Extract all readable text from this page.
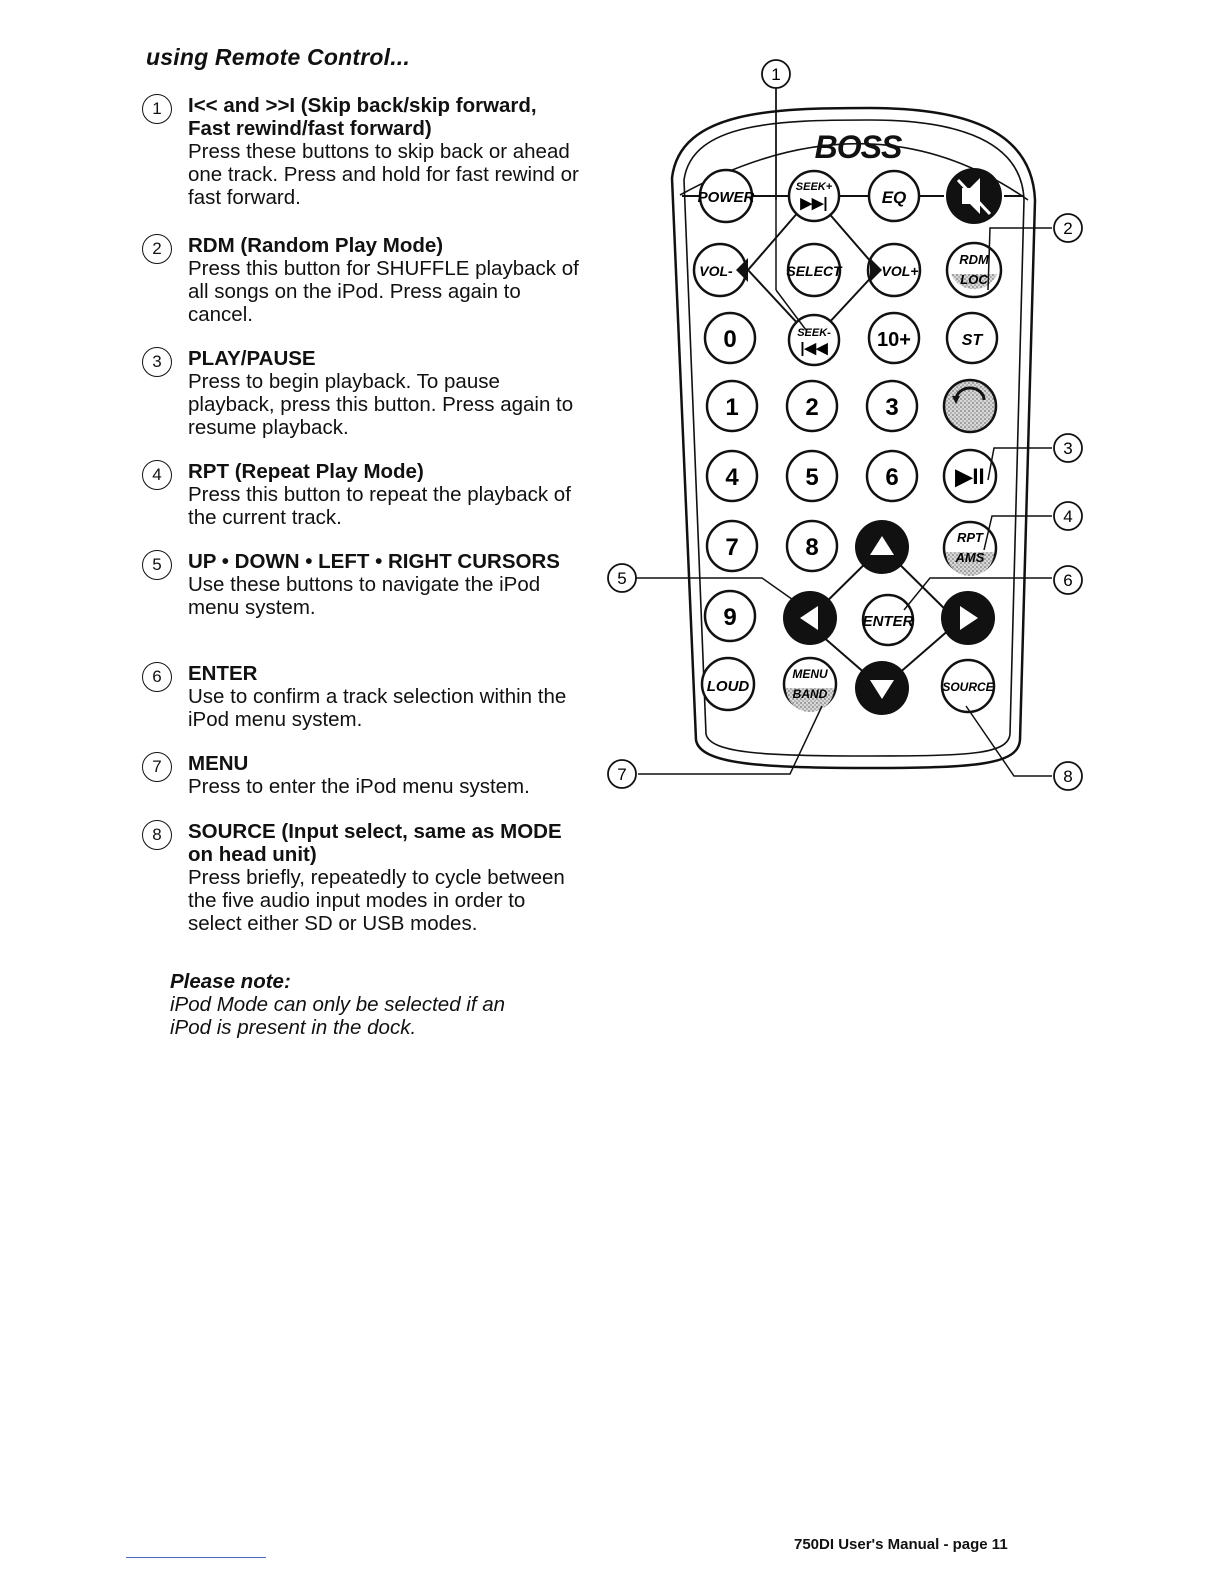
using Remote Control...
1	I<< and >>I (Skip back/skip forward, Fast rewind/fast forward)
Press these buttons to skip back or ahead one track. Press and hold for fast rewind or fast forward.
2	RDM (Random Play Mode)
Press this button for SHUFFLE playback of all songs on the iPod. Press again to cancel.
3	PLAY/PAUSE
Press to begin playback. To pause playback, press this button. Press again to resume playback.
4	RPT (Repeat Play Mode)
Press this button to repeat the playback of the current track.
5	UP • DOWN • LEFT • RIGHT CURSORS
Use these buttons to navigate the iPod menu system.
6	ENTER
Use to confirm a track selection within the iPod menu system.
7	MENU
Press to enter the iPod menu system.
8	SOURCE (Input select, same as MODE on head unit)
Press briefly, repeatedly to cycle between the five audio input modes in order to select either SD or USB modes.
Please note:
iPod Mode can only be selected if an iPod is present in the dock.
BOSS
POWER
SEEK+
▶▶|	EQ
VOL-	SELECT	VOL+
RDM
LOC
0	SEEK-
|◀◀ 10+	ST
1	2	3
4	5	6	▶II
7	8	RPT
AMS
9	ENTER
LOUD
MENU
BAND	SOURCE
1
2
3
4
5	6
7	8
750DI User's Manual - page 11
